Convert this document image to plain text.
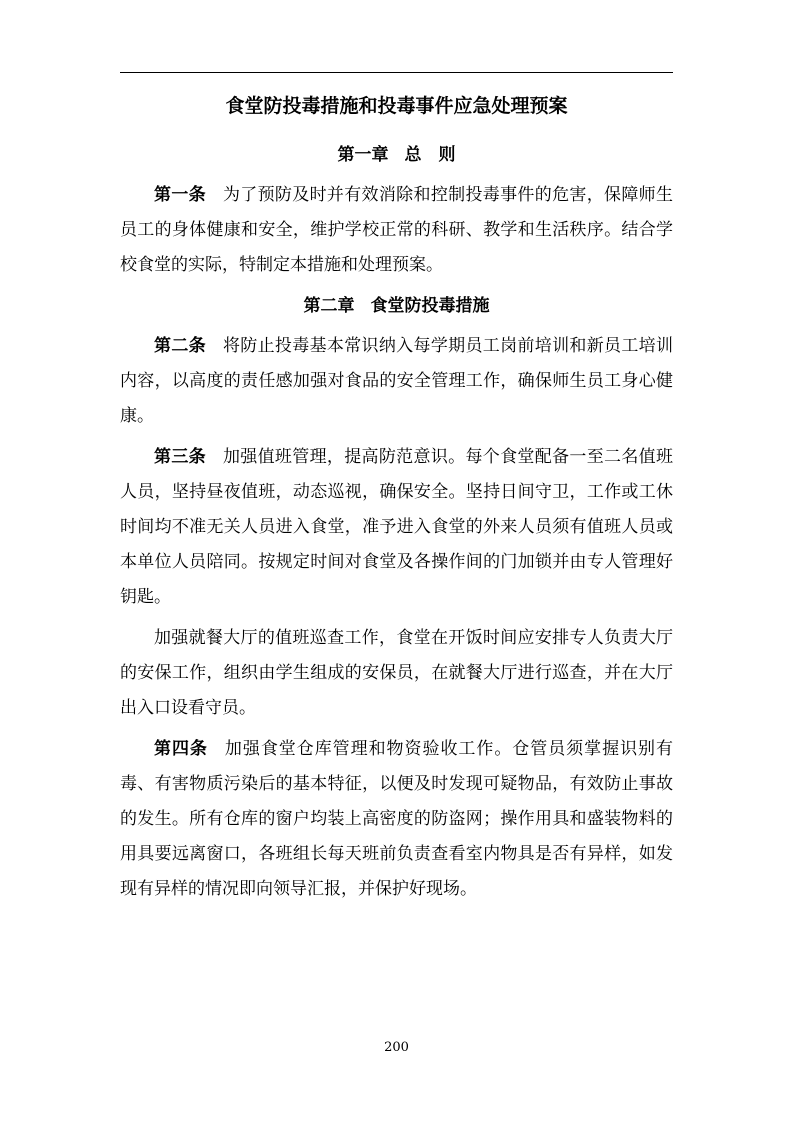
食堂防投毒措施和投毒事件应急处理预案
第一章 总　则

第一条 为了预防及时并有效消除和控制投毒事件的危害，保障师生员工的身体健康和安全，维护学校正常的科研、教学和生活秩序。结合学校食堂的实际，特制定本措施和处理预案。

第二章 食堂防投毒措施

第二条 将防止投毒基本常识纳入每学期员工岗前培训和新员工培训内容，以高度的责任感加强对食品的安全管理工作，确保师生员工身心健康。

第三条 加强值班管理，提高防范意识。每个食堂配备一至二名值班人员，坚持昼夜值班，动态巡视，确保安全。坚持日间守卫，工作或工休时间均不准无关人员进入食堂，准予进入食堂的外来人员须有值班人员或本单位人员陪同。按规定时间对食堂及各操作间的门加锁并由专人管理好钥匙。

加强就餐大厅的值班巡查工作，食堂在开饭时间应安排专人负责大厅的安保工作，组织由学生组成的安保员，在就餐大厅进行巡查，并在大厅出入口设看守员。

第四条 加强食堂仓库管理和物资验收工作。仓管员须掌握识别有毒、有害物质污染后的基本特征，以便及时发现可疑物品，有效防止事故的发生。所有仓库的窗户均装上高密度的防盗网；操作用具和盛装物料的用具要远离窗口，各班组长每天班前负责查看室内物具是否有异样，如发现有异样的情况即向领导汇报，并保护好现场。

200
